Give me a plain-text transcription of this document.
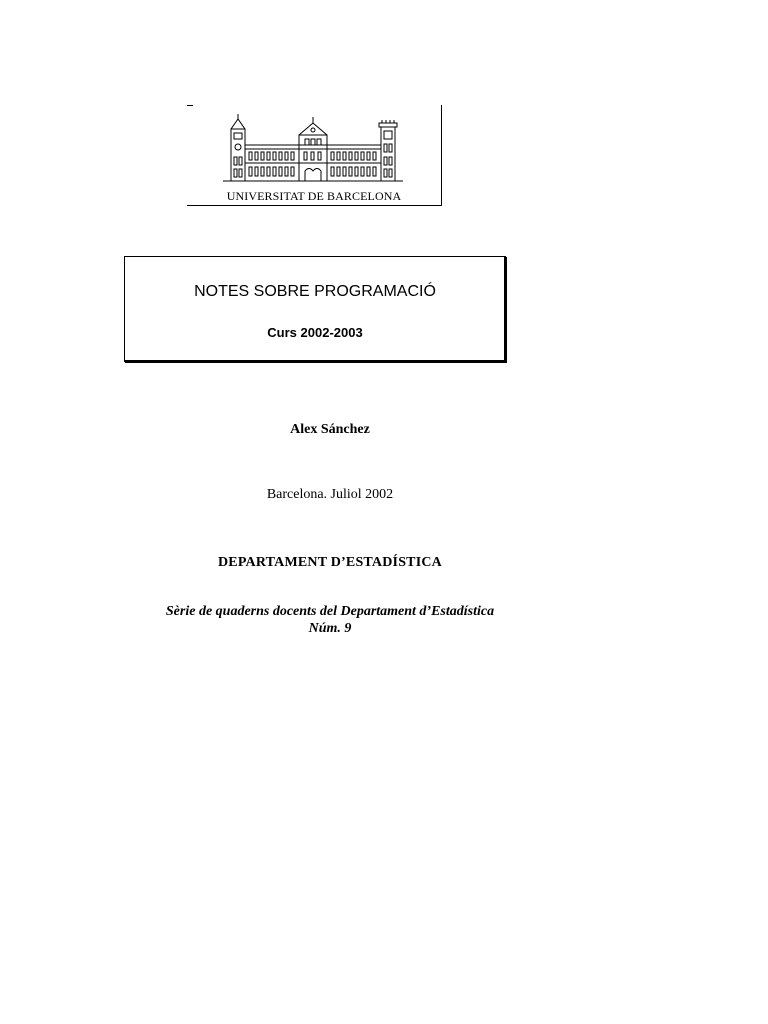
UNIVERSITAT DE BARCELONA
NOTES SOBRE PROGRAMACIÓ
Curs 2002-2003
Alex Sánchez
Barcelona. Juliol 2002
DEPARTAMENT D’ESTADÍSTICA
Sèrie de quaderns docents del Departament d’Estadística
Núm. 9
